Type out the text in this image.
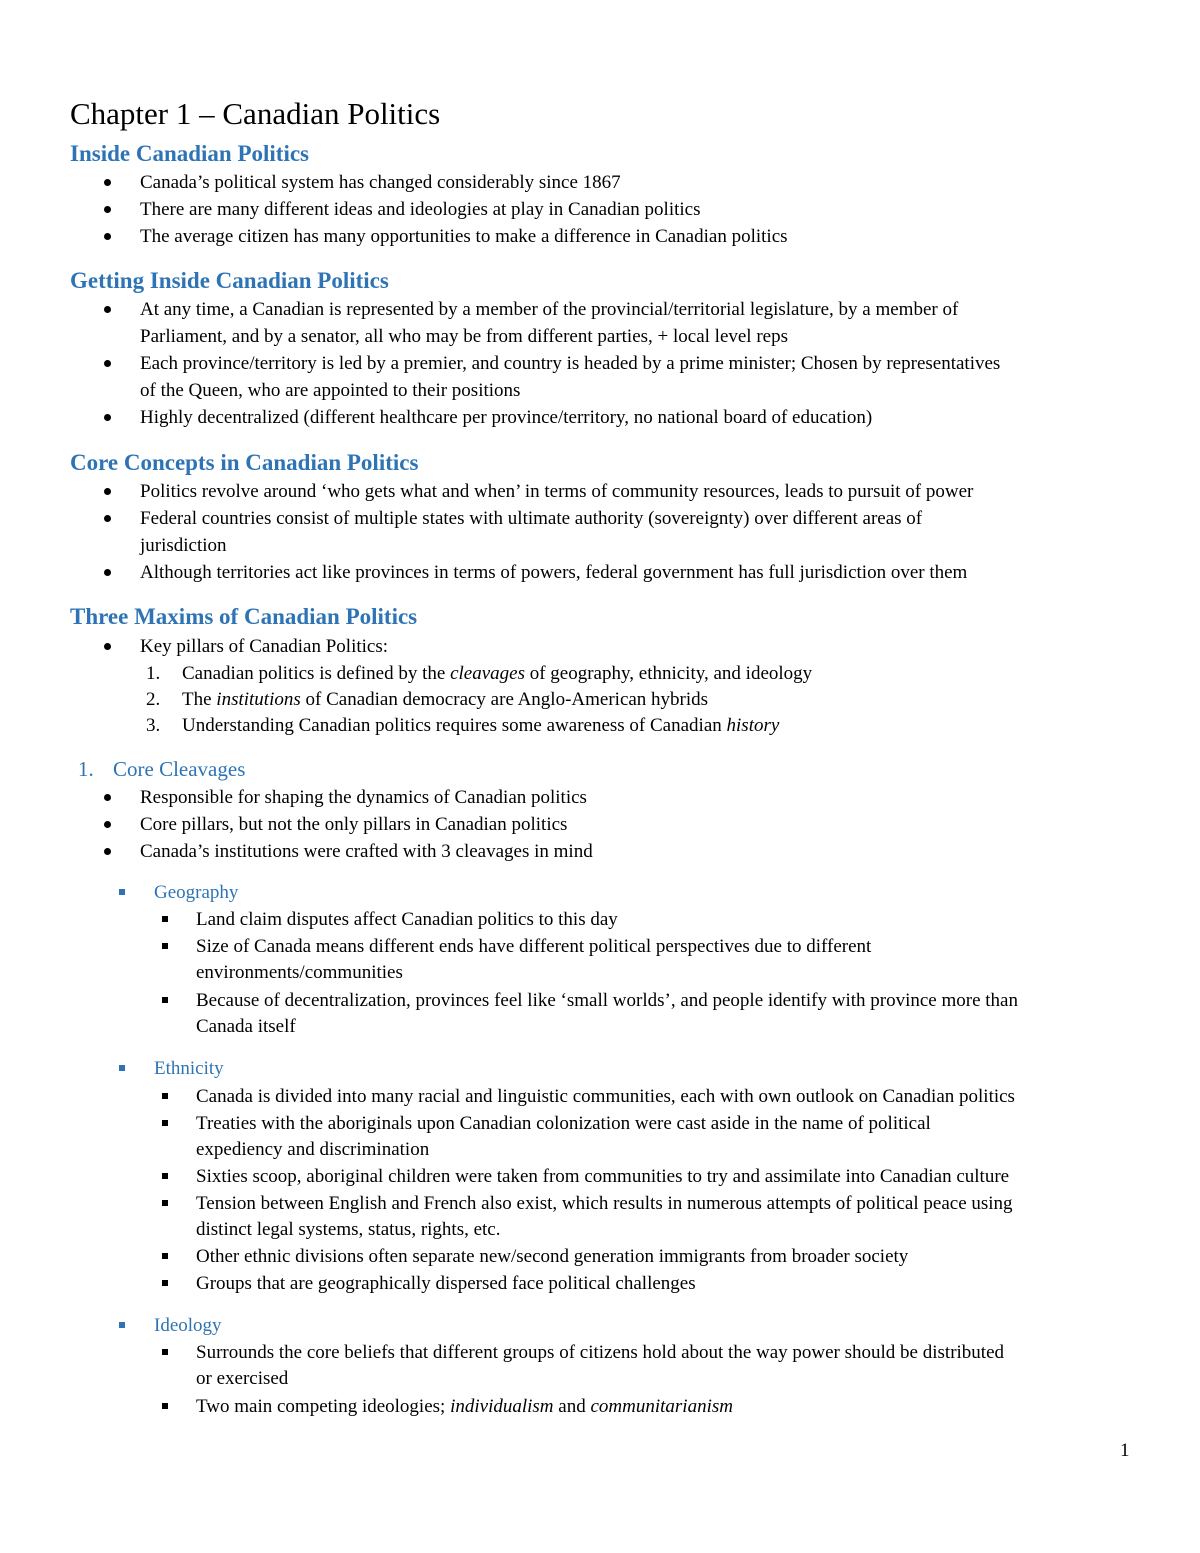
Chapter 1 – Canadian Politics
Inside Canadian Politics
Canada’s political system has changed considerably since 1867
There are many different ideas and ideologies at play in Canadian politics
The average citizen has many opportunities to make a difference in Canadian politics
Getting Inside Canadian Politics
At any time, a Canadian is represented by a member of the provincial/territorial legislature, by a member of
Parliament, and by a senator, all who may be from different parties, + local level reps
Each province/territory is led by a premier, and country is headed by a prime minister; Chosen by representatives
of the Queen, who are appointed to their positions
Highly decentralized (different healthcare per province/territory, no national board of education)
Core Concepts in Canadian Politics
Politics revolve around ‘who gets what and when’ in terms of community resources, leads to pursuit of power
Federal countries consist of multiple states with ultimate authority (sovereignty) over different areas of
jurisdiction
Although territories act like provinces in terms of powers, federal government has full jurisdiction over them
Three Maxims of Canadian Politics
Key pillars of Canadian Politics:
1. Canadian politics is defined by the cleavages of geography, ethnicity, and ideology
2. The institutions of Canadian democracy are Anglo-American hybrids
3. Understanding Canadian politics requires some awareness of Canadian history
1. Core Cleavages
Responsible for shaping the dynamics of Canadian politics
Core pillars, but not the only pillars in Canadian politics
Canada’s institutions were crafted with 3 cleavages in mind
Geography
Land claim disputes affect Canadian politics to this day
Size of Canada means different ends have different political perspectives due to different
environments/communities
Because of decentralization, provinces feel like ‘small worlds’, and people identify with province more than
Canada itself
Ethnicity
Canada is divided into many racial and linguistic communities, each with own outlook on Canadian politics
Treaties with the aboriginals upon Canadian colonization were cast aside in the name of political
expediency and discrimination
Sixties scoop, aboriginal children were taken from communities to try and assimilate into Canadian culture
Tension between English and French also exist, which results in numerous attempts of political peace using
distinct legal systems, status, rights, etc.
Other ethnic divisions often separate new/second generation immigrants from broader society
Groups that are geographically dispersed face political challenges
Ideology
Surrounds the core beliefs that different groups of citizens hold about the way power should be distributed
or exercised
Two main competing ideologies; individualism and communitarianism
1
